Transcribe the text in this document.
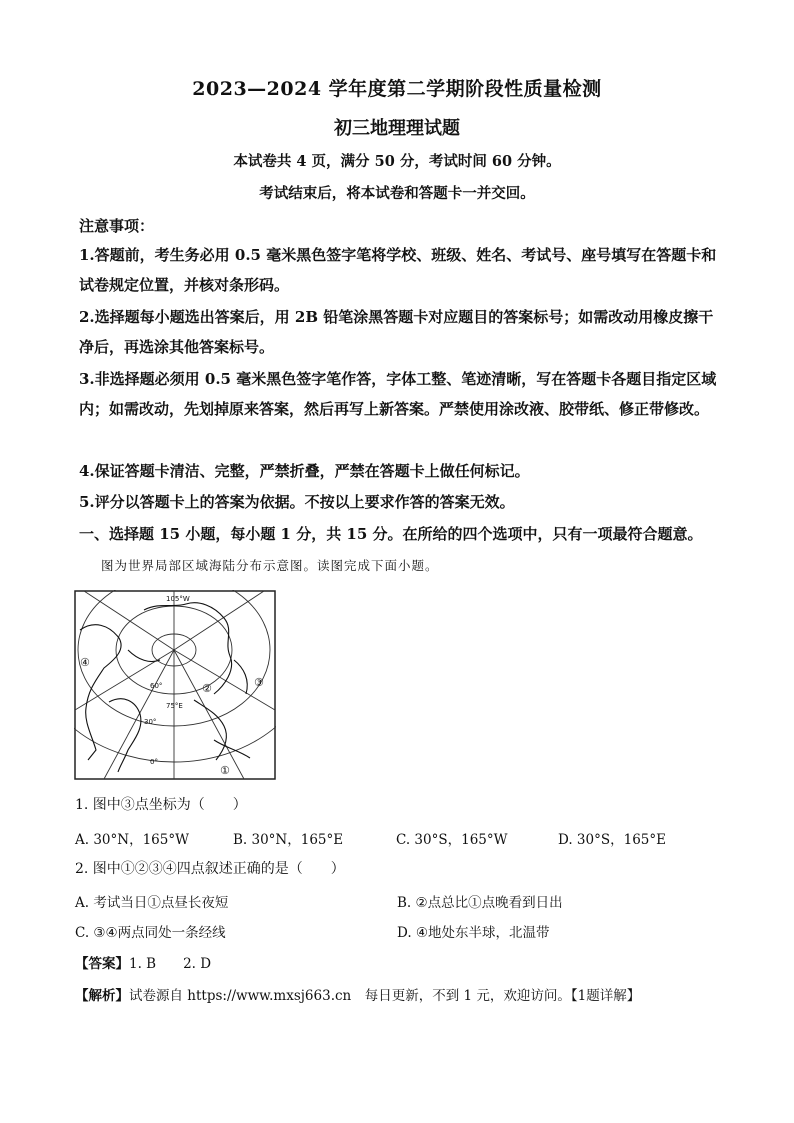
2023—2024 学年度第二学期阶段性质量检测
初三地理理试题
本试卷共 4 页，满分 50 分，考试时间 60 分钟。
考试结束后，将本试卷和答题卡一并交回。

注意事项：

1.答题前，考生务必用 0.5 毫米黑色签字笔将学校、班级、姓名、考试号、座号填写在答题卡和试卷规定位置，并核对条形码。

2.选择题每小题选出答案后，用 2B 铅笔涂黑答题卡对应题目的答案标号；如需改动用橡皮擦干净后，再选涂其他答案标号。

3.非选择题必须用 0.5 毫米黑色签字笔作答，字体工整、笔迹清晰，写在答题卡各题目指定区域内；如需改动，先划掉原来答案，然后再写上新答案。严禁使用涂改液、胶带纸、修正带修改。

4.保证答题卡清洁、完整，严禁折叠，严禁在答题卡上做任何标记。

5.评分以答题卡上的答案为依据。不按以上要求作答的答案无效。

一、选择题 15 小题，每小题 1 分，共 15 分。在所给的四个选项中，只有一项最符合题意。

图为世界局部区域海陆分布示意图。读图完成下面小题。
105°W
60°
75°E
30°
0°
④
②	③
①
1. 图中③点坐标为（　　）
A. 30°N，165°W	B. 30°N，165°E	C. 30°S，165°W	D. 30°S，165°E
2. 图中①②③④四点叙述正确的是（　　）
A. 考试当日①点昼长夜短	B. ②点总比①点晚看到日出
C. ③④两点同处一条经线	D. ④地处东半球，北温带
【答案】1. B　　2. D
【解析】试卷源自 https://www.mxsj663.cn　每日更新，不到 1 元，欢迎访问。【1题详解】
